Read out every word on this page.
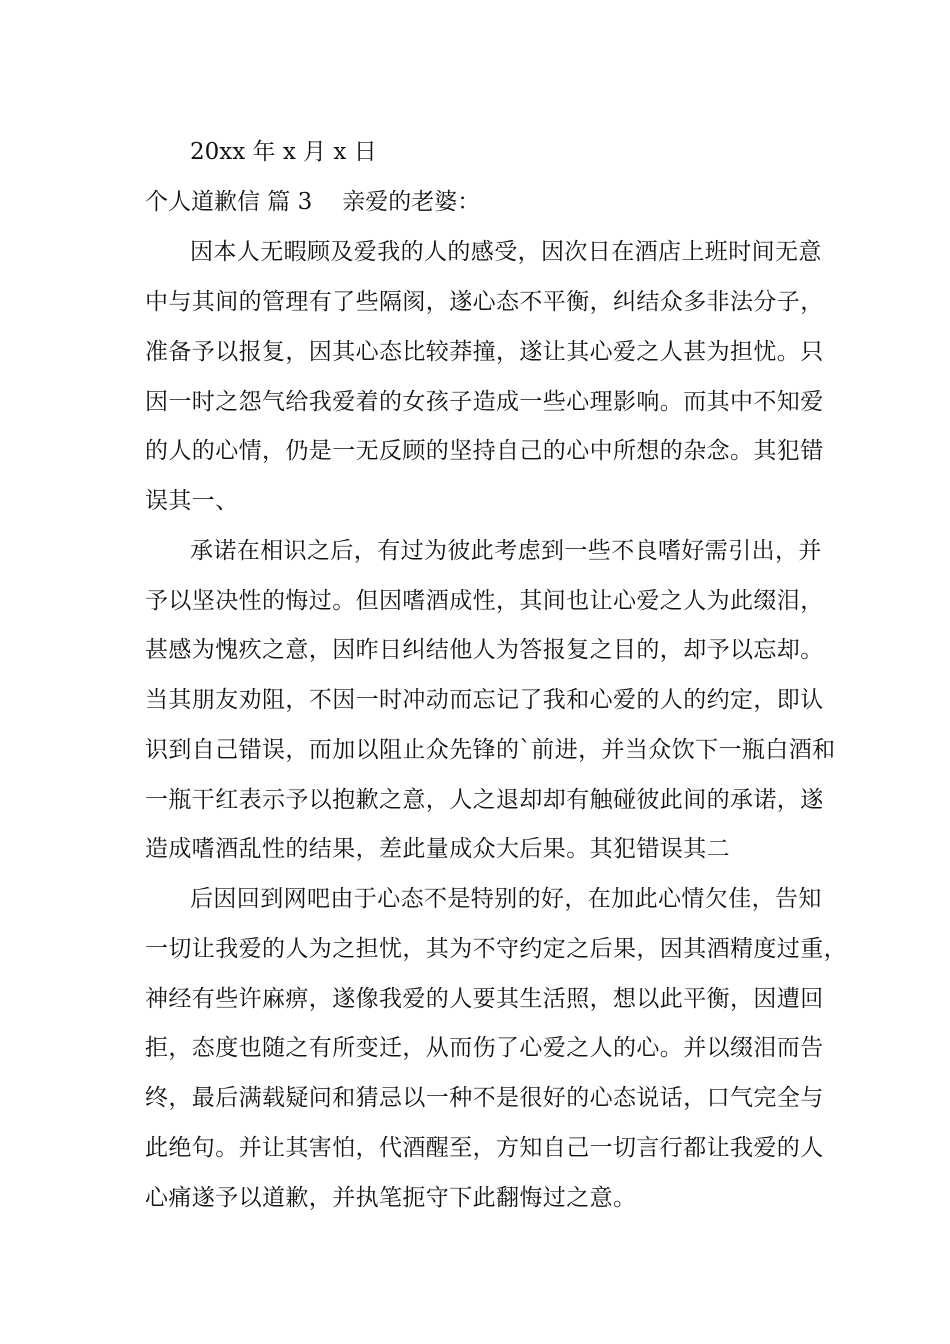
20xx 年 x 月 x 日
个人道歉信 篇 3 亲爱的老婆：
因本人无暇顾及爱我的人的感受，因次日在酒店上班时间无意
中与其间的管理有了些隔阂，遂心态不平衡，纠结众多非法分子，
准备予以报复，因其心态比较莽撞，遂让其心爱之人甚为担忧。只
因一时之怨气给我爱着的女孩子造成一些心理影响。而其中不知爱
的人的心情，仍是一无反顾的坚持自己的心中所想的杂念。其犯错
误其一、
承诺在相识之后，有过为彼此考虑到一些不良嗜好需引出，并
予以坚决性的悔过。但因嗜酒成性，其间也让心爱之人为此缀泪，
甚感为愧疚之意，因昨日纠结他人为答报复之目的，却予以忘却。
当其朋友劝阻，不因一时冲动而忘记了我和心爱的人的约定，即认
识到自己错误，而加以阻止众先锋的`前进，并当众饮下一瓶白酒和
一瓶干红表示予以抱歉之意，人之退却却有触碰彼此间的承诺，遂
造成嗜酒乱性的结果，差此量成众大后果。其犯错误其二
后因回到网吧由于心态不是特别的好，在加此心情欠佳，告知
一切让我爱的人为之担忧，其为不守约定之后果，因其酒精度过重，
神经有些许麻痹，遂像我爱的人要其生活照，想以此平衡，因遭回
拒，态度也随之有所变迁，从而伤了心爱之人的心。并以缀泪而告
终，最后满载疑问和猜忌以一种不是很好的心态说话，口气完全与
此绝句。并让其害怕，代酒醒至，方知自己一切言行都让我爱的人
心痛遂予以道歉，并执笔扼守下此翻悔过之意。
